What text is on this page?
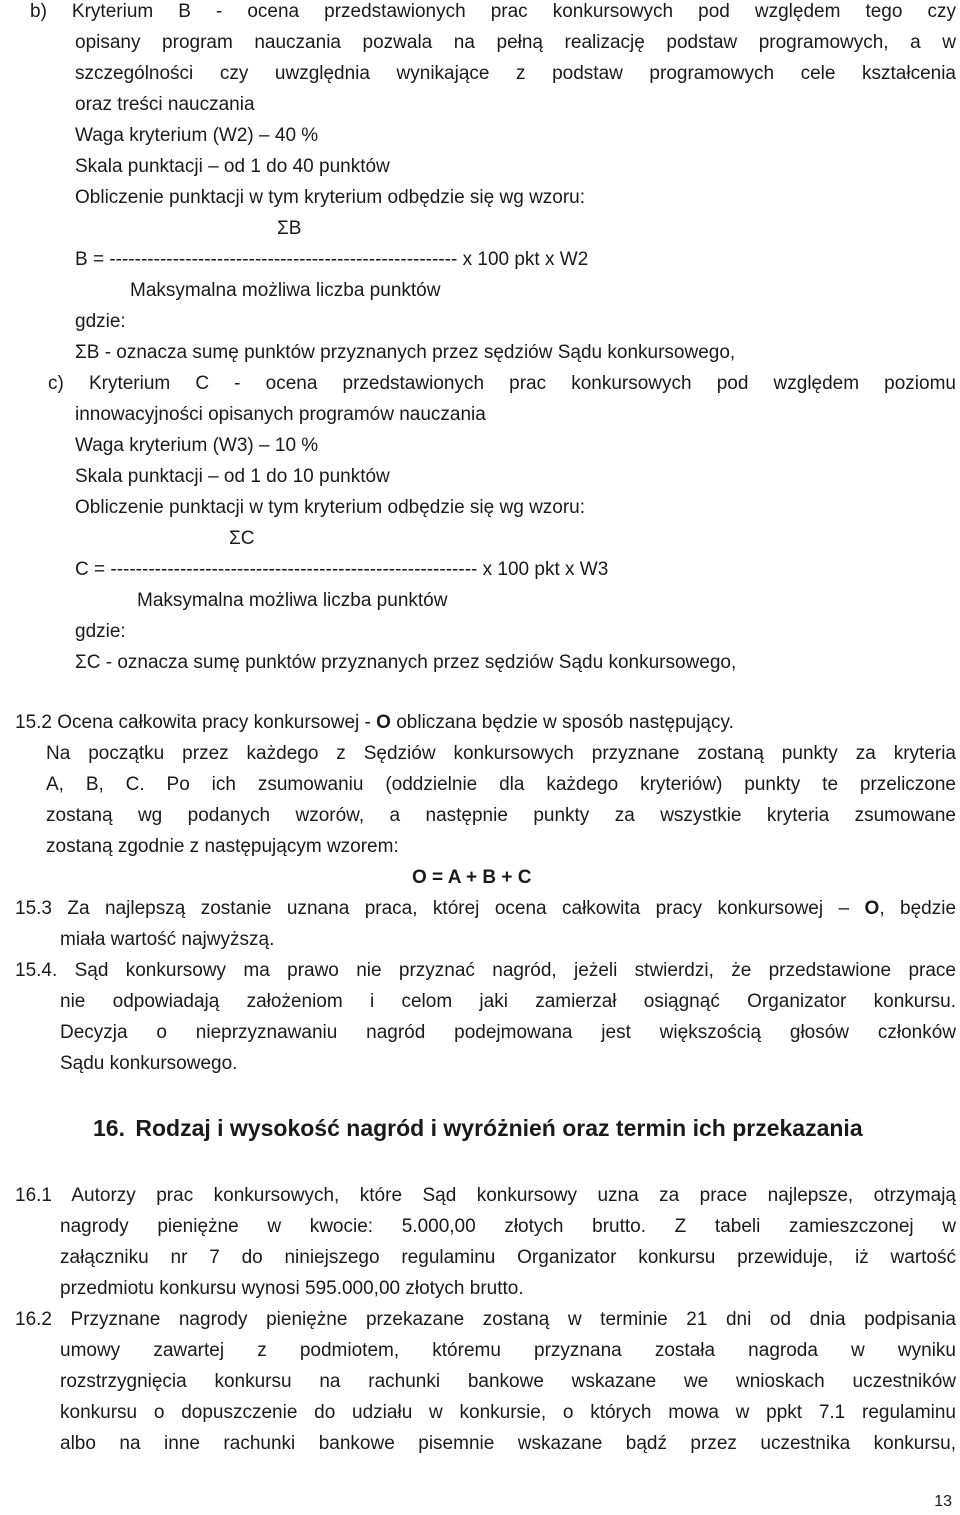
b) Kryterium B - ocena przedstawionych prac konkursowych pod względem tego czy
opisany program nauczania pozwala na pełną realizację podstaw programowych, a w
szczególności czy uwzględnia wynikające z podstaw programowych cele kształcenia
oraz treści nauczania
Waga kryterium (W2) – 40 %
Skala punktacji – od 1 do 40 punktów
Obliczenie punktacji w tym kryterium odbędzie się wg wzoru:
ΣB
B = ------------------------------------------------------- x 100 pkt x W2
Maksymalna możliwa liczba punktów
gdzie:
ΣB - oznacza sumę punktów przyznanych przez sędziów Sądu konkursowego,
c) Kryterium C - ocena przedstawionych prac konkursowych pod względem poziomu
innowacyjności opisanych programów nauczania
Waga kryterium (W3) – 10 %
Skala punktacji – od 1 do 10 punktów
Obliczenie punktacji w tym kryterium odbędzie się wg wzoru:
ΣC
C = ---------------------------------------------------------- x 100 pkt x W3
Maksymalna możliwa liczba punktów
gdzie:
ΣC - oznacza sumę punktów przyznanych przez sędziów Sądu konkursowego,
15.2 Ocena całkowita pracy konkursowej - O obliczana będzie w sposób następujący.
Na początku przez każdego z Sędziów konkursowych przyznane zostaną punkty za kryteria
A, B, C. Po ich zsumowaniu (oddzielnie dla każdego kryteriów) punkty te przeliczone
zostaną wg podanych wzorów, a następnie punkty za wszystkie kryteria zsumowane
zostaną zgodnie z następującym wzorem:
O = A + B + C
15.3 Za najlepszą zostanie uznana praca, której ocena całkowita pracy konkursowej – O, będzie
miała wartość najwyższą.
15.4. Sąd konkursowy ma prawo nie przyznać nagród, jeżeli stwierdzi, że przedstawione prace
nie odpowiadają założeniom i celom jaki zamierzał osiągnąć Organizator konkursu.
Decyzja o nieprzyznawaniu nagród podejmowana jest większością głosów członków
Sądu konkursowego.
16. Rodzaj i wysokość nagród i wyróżnień oraz termin ich przekazania
16.1 Autorzy prac konkursowych, które Sąd konkursowy uzna za prace najlepsze, otrzymają
nagrody pieniężne w kwocie: 5.000,00 złotych brutto. Z tabeli zamieszczonej w
załączniku nr 7 do niniejszego regulaminu Organizator konkursu przewiduje, iż wartość
przedmiotu konkursu wynosi 595.000,00 złotych brutto.
16.2 Przyznane nagrody pieniężne przekazane zostaną w terminie 21 dni od dnia podpisania
umowy zawartej z podmiotem, któremu przyznana została nagroda w wyniku
rozstrzygnięcia konkursu na rachunki bankowe wskazane we wnioskach uczestników
konkursu o dopuszczenie do udziału w konkursie, o których mowa w ppkt 7.1 regulaminu
albo na inne rachunki bankowe pisemnie wskazane bądź przez uczestnika konkursu,
13
